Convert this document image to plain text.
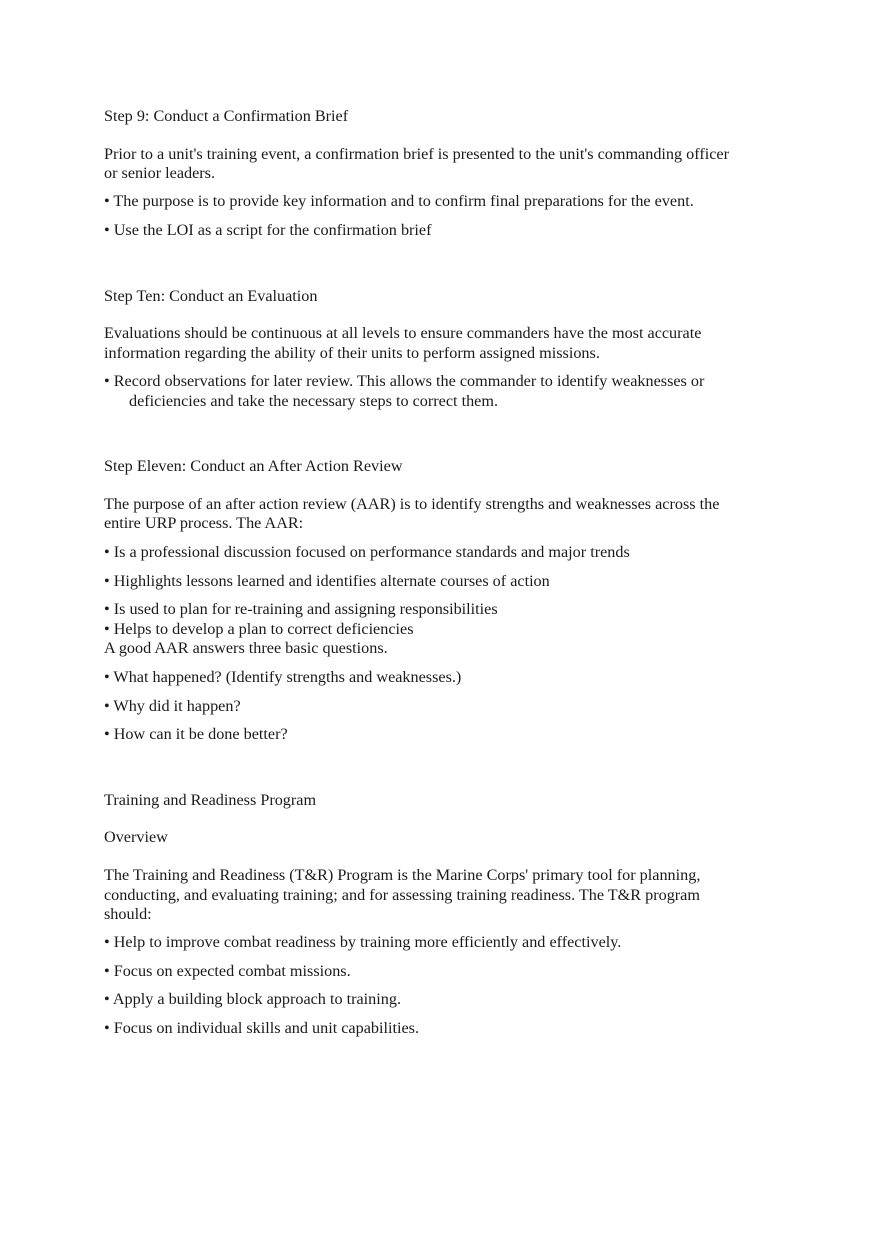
Step 9: Conduct a Confirmation Brief
Prior to a unit's training event, a confirmation brief is presented to the unit's commanding officer
or senior leaders.
• The purpose is to provide key information and to confirm final preparations for the event.
• Use the LOI as a script for the confirmation brief
Step Ten: Conduct an Evaluation
Evaluations should be continuous at all levels to ensure commanders have the most accurate
information regarding the ability of their units to perform assigned missions.
• Record observations for later review. This allows the commander to identify weaknesses or
deficiencies and take the necessary steps to correct them.
Step Eleven: Conduct an After Action Review
The purpose of an after action review (AAR) is to identify strengths and weaknesses across the
entire URP process. The AAR:
• Is a professional discussion focused on performance standards and major trends
• Highlights lessons learned and identifies alternate courses of action
• Is used to plan for re-training and assigning responsibilities
• Helps to develop a plan to correct deficiencies
A good AAR answers three basic questions.
• What happened? (Identify strengths and weaknesses.)
• Why did it happen?
• How can it be done better?
Training and Readiness Program
Overview
The Training and Readiness (T&R) Program is the Marine Corps' primary tool for planning,
conducting, and evaluating training; and for assessing training readiness. The T&R program
should:
• Help to improve combat readiness by training more efficiently and effectively.
• Focus on expected combat missions.
• Apply a building block approach to training.
• Focus on individual skills and unit capabilities.
